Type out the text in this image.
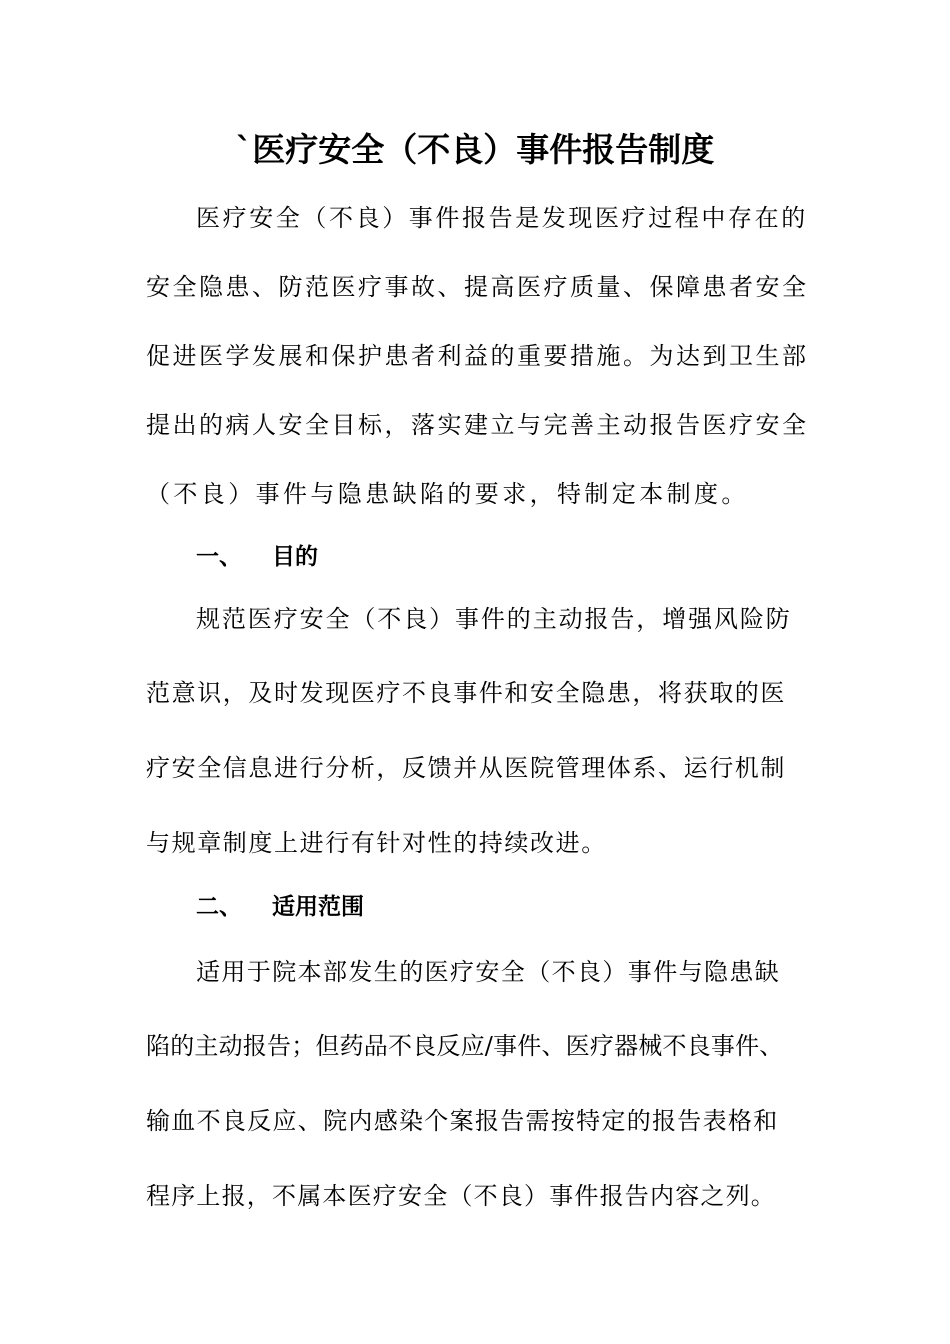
`医疗安全（不良）事件报告制度
医疗安全（不良）事件报告是发现医疗过程中存在的
安全隐患、防范医疗事故、提高医疗质量、保障患者安全
促进医学发展和保护患者利益的重要措施。为达到卫生部
提出的病人安全目标，落实建立与完善主动报告医疗安全
（不良）事件与隐患缺陷的要求，特制定本制度。
一、 目的
规范医疗安全（不良）事件的主动报告，增强风险防
范意识，及时发现医疗不良事件和安全隐患，将获取的医
疗安全信息进行分析，反馈并从医院管理体系、运行机制
与规章制度上进行有针对性的持续改进。
二、 适用范围
适用于院本部发生的医疗安全（不良）事件与隐患缺
陷的主动报告；但药品不良反应/事件、医疗器械不良事件、
输血不良反应、院内感染个案报告需按特定的报告表格和
程序上报，不属本医疗安全（不良）事件报告内容之列。
